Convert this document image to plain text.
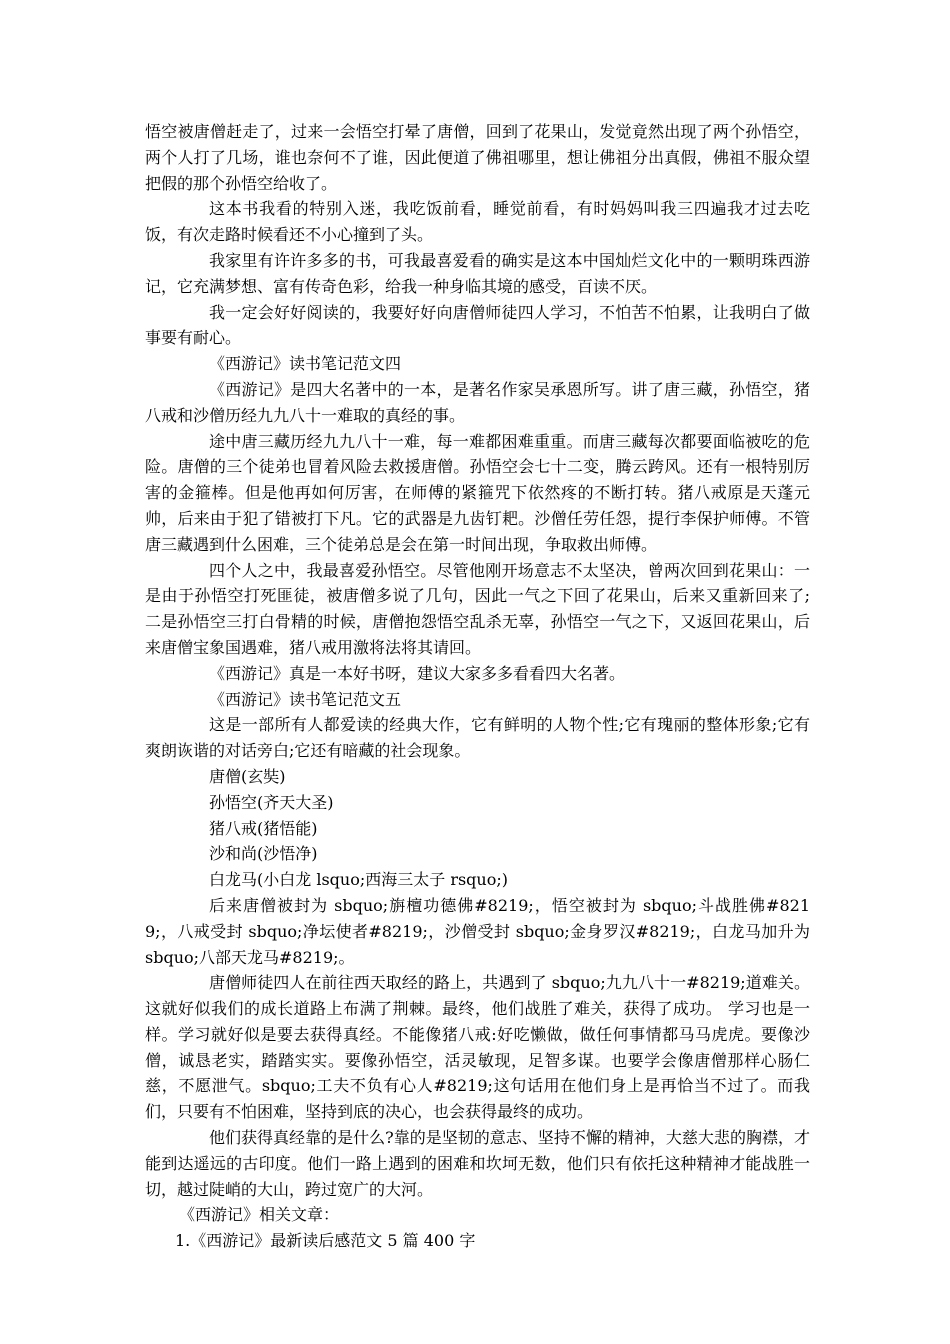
悟空被唐僧赶走了，过来一会悟空打晕了唐僧，回到了花果山，发觉竟然出现了两个孙悟空，两个人打了几场，谁也奈何不了谁，因此便道了佛祖哪里，想让佛祖分出真假，佛祖不服众望把假的那个孙悟空给收了。

这本书我看的特别入迷，我吃饭前看，睡觉前看，有时妈妈叫我三四遍我才过去吃饭，有次走路时候看还不小心撞到了头。

我家里有许许多多的书，可我最喜爱看的确实是这本中国灿烂文化中的一颗明珠西游记，它充满梦想、富有传奇色彩，给我一种身临其境的感受，百读不厌。

我一定会好好阅读的，我要好好向唐僧师徒四人学习，不怕苦不怕累，让我明白了做事要有耐心。

《西游记》读书笔记范文四

《西游记》是四大名著中的一本，是著名作家吴承恩所写。讲了唐三藏，孙悟空，猪八戒和沙僧历经九九八十一难取的真经的事。

途中唐三藏历经九九八十一难，每一难都困难重重。而唐三藏每次都要面临被吃的危险。唐僧的三个徒弟也冒着风险去救援唐僧。孙悟空会七十二变，腾云跨风。还有一根特别厉害的金箍棒。但是他再如何厉害，在师傅的紧箍咒下依然疼的不断打转。猪八戒原是天蓬元帅，后来由于犯了错被打下凡。它的武器是九齿钉耙。沙僧任劳任怨，提行李保护师傅。不管唐三藏遇到什么困难，三个徒弟总是会在第一时间出现，争取救出师傅。

四个人之中，我最喜爱孙悟空。尽管他刚开场意志不太坚决，曾两次回到花果山：一是由于孙悟空打死匪徒，被唐僧多说了几句，因此一气之下回了花果山，后来又重新回来了; 二是孙悟空三打白骨精的时候，唐僧抱怨悟空乱杀无辜，孙悟空一气之下，又返回花果山，后来唐僧宝象国遇难，猪八戒用激将法将其请回。

《西游记》真是一本好书呀，建议大家多多看看四大名著。

《西游记》读书笔记范文五

这是一部所有人都爱读的经典大作，它有鲜明的人物个性;它有瑰丽的整体形象;它有爽朗诙谐的对话旁白;它还有暗藏的社会现象。

唐僧(玄奘)

孙悟空(齐天大圣)

猪八戒(猪悟能)

沙和尚(沙悟净)

白龙马(小白龙 lsquo;西海三太子 rsquo;)

后来唐僧被封为 sbquo;旃檀功德佛#8219;，悟空被封为 sbquo;斗战胜佛#8219;，八戒受封 sbquo;净坛使者#8219;，沙僧受封 sbquo;金身罗汉#8219;，白龙马加升为 sbquo;八部天龙马#8219;。

唐僧师徒四人在前往西天取经的路上，共遇到了 sbquo;九九八十一#8219;道难关。这就好似我们的成长道路上布满了荆棘。最终，他们战胜了难关，获得了成功。 学习也是一样。学习就好似是要去获得真经。不能像猪八戒:好吃懒做，做任何事情都马马虎虎。要像沙僧，诚恳老实，踏踏实实。要像孙悟空，活灵敏现，足智多谋。也要学会像唐僧那样心肠仁慈，不愿泄气。sbquo;工夫不负有心人#8219;这句话用在他们身上是再恰当不过了。而我们，只要有不怕困难，坚持到底的决心，也会获得最终的成功。

他们获得真经靠的是什么?靠的是坚韧的意志、坚持不懈的精神，大慈大悲的胸襟，才能到达遥远的古印度。他们一路上遇到的困难和坎坷无数，他们只有依托这种精神才能战胜一切，越过陡峭的大山，跨过宽广的大河。

《西游记》相关文章：

1.《西游记》最新读后感范文 5 篇 400 字
